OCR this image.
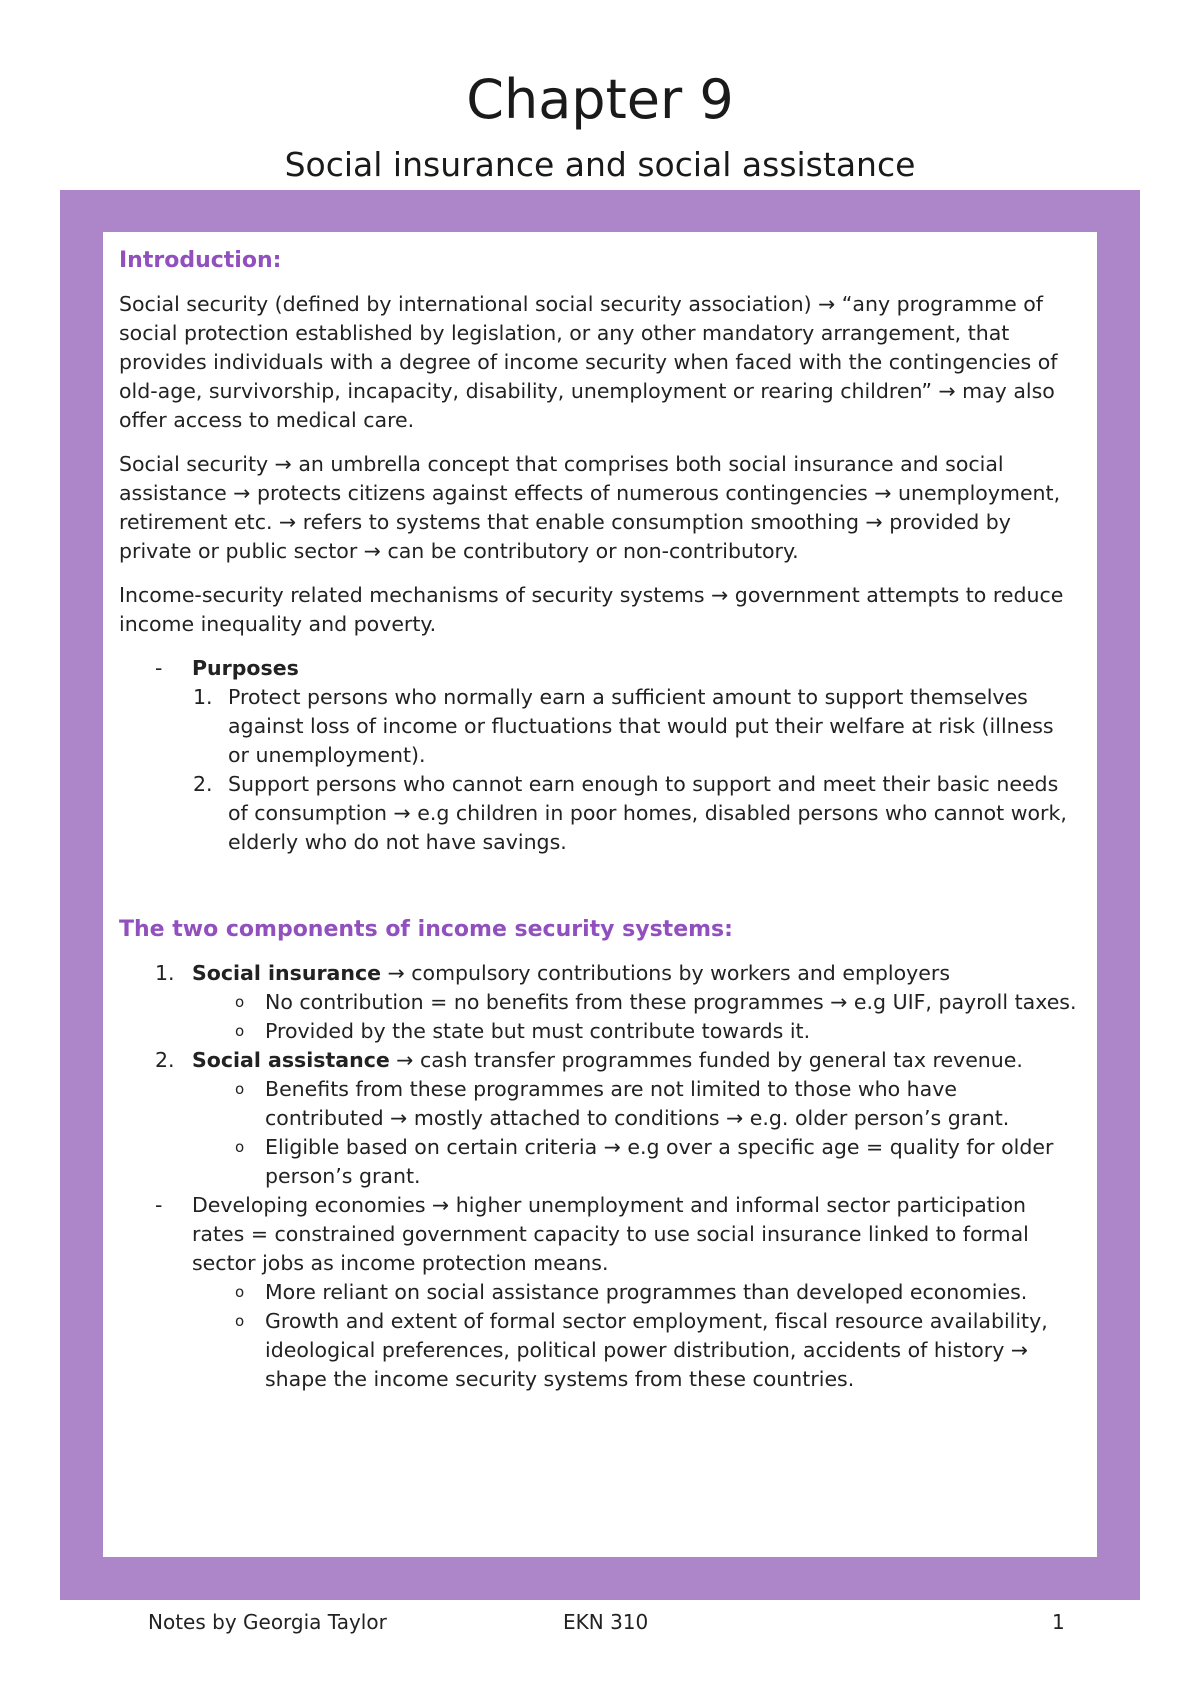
Chapter 9
Social insurance and social assistance
Introduction:

Social security (defined by international social security association) → “any programme of social protection established by legislation, or any other mandatory arrangement, that provides individuals with a degree of income security when faced with the contingencies of old-age, survivorship, incapacity, disability, unemployment or rearing children” → may also offer access to medical care.

Social security → an umbrella concept that comprises both social insurance and social assistance → protects citizens against effects of numerous contingencies → unemployment, retirement etc. → refers to systems that enable consumption smoothing → provided by private or public sector → can be contributory or non-contributory.

Income-security related mechanisms of security systems → government attempts to reduce income inequality and poverty.

- Purposes
1. Protect persons who normally earn a sufficient amount to support themselves against loss of income or fluctuations that would put their welfare at risk (illness or unemployment).
2. Support persons who cannot earn enough to support and meet their basic needs of consumption → e.g children in poor homes, disabled persons who cannot work, elderly who do not have savings.
The two components of income security systems:
1. Social insurance → compulsory contributions by workers and employers
o No contribution = no benefits from these programmes → e.g UIF, payroll taxes.
o Provided by the state but must contribute towards it.
2. Social assistance → cash transfer programmes funded by general tax revenue.
o Benefits from these programmes are not limited to those who have contributed → mostly attached to conditions → e.g. older person’s grant.
o Eligible based on certain criteria → e.g over a specific age = quality for older person’s grant.
- Developing economies → higher unemployment and informal sector participation rates = constrained government capacity to use social insurance linked to formal sector jobs as income protection means.
o More reliant on social assistance programmes than developed economies.
o Growth and extent of formal sector employment, fiscal resource availability, ideological preferences, political power distribution, accidents of history → shape the income security systems from these countries.
Notes by Georgia Taylor	EKN 310	1
